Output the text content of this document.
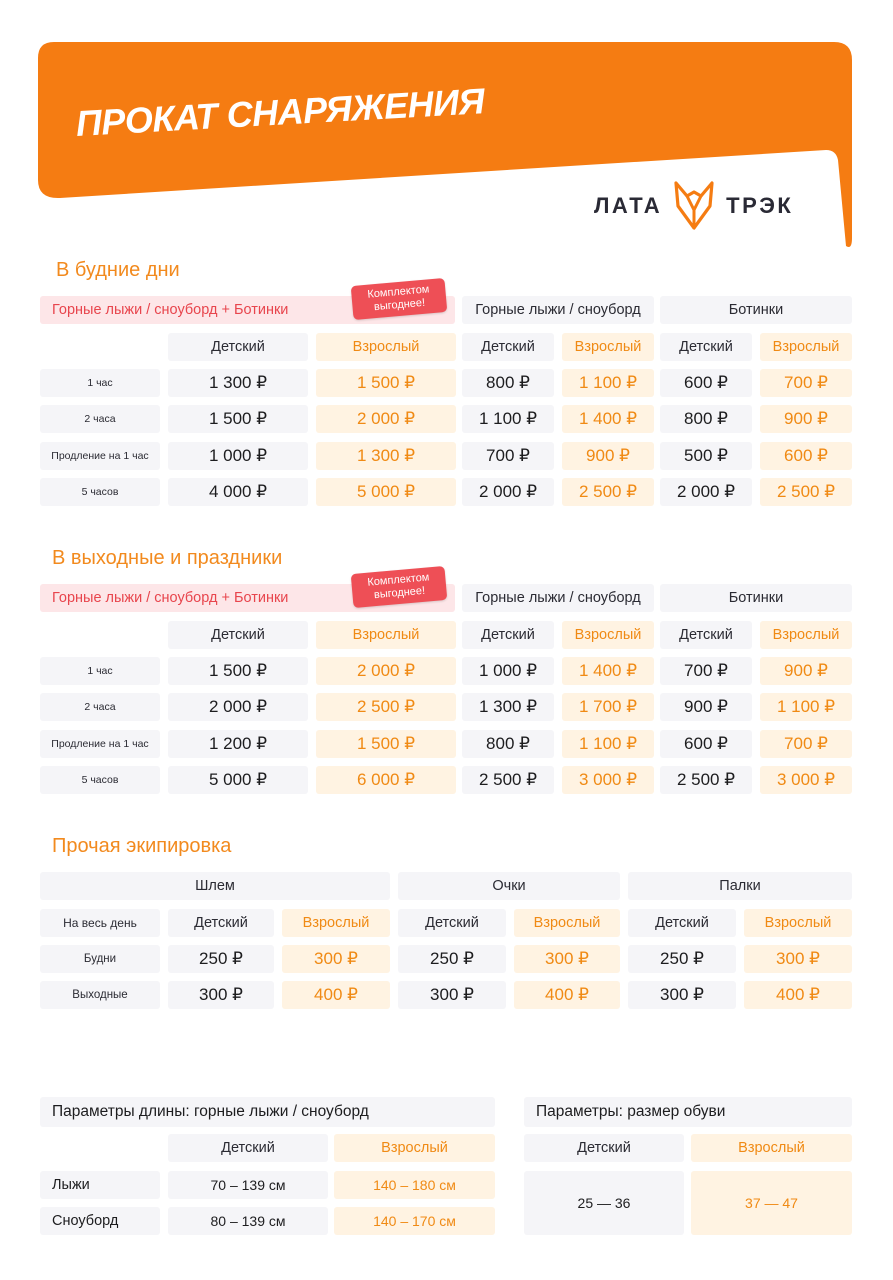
ПРОКАТ СНАРЯЖЕНИЯ
ЛАТА	ТРЭК
В будние дни
Горные лыжи / сноуборд + Ботинки	Горные лыжи / сноуборд	Ботинки
Комплектом
выгоднее!
Детский	Взрослый	Детский	Взрослый	Детский	Взрослый
1 час	1 300 ₽	1 500 ₽	800 ₽	1 100 ₽	600 ₽	700 ₽
2 часа	1 500 ₽	2 000 ₽	1 100 ₽	1 400 ₽	800 ₽	900 ₽
Продление на 1 час	1 000 ₽	1 300 ₽	700 ₽	900 ₽	500 ₽	600 ₽
5 часов	4 000 ₽	5 000 ₽	2 000 ₽	2 500 ₽	2 000 ₽	2 500 ₽
В выходные и праздники
Горные лыжи / сноуборд + Ботинки	Горные лыжи / сноуборд	Ботинки
Комплектом
выгоднее!
Детский	Взрослый	Детский	Взрослый	Детский	Взрослый
1 час	1 500 ₽	2 000 ₽	1 000 ₽	1 400 ₽	700 ₽	900 ₽
2 часа	2 000 ₽	2 500 ₽	1 300 ₽	1 700 ₽	900 ₽	1 100 ₽
Продление на 1 час	1 200 ₽	1 500 ₽	800 ₽	1 100 ₽	600 ₽	700 ₽
5 часов	5 000 ₽	6 000 ₽	2 500 ₽	3 000 ₽	2 500 ₽	3 000 ₽
Прочая экипировка
Шлем	Очки	Палки
На весь день	Детский	Взрослый	Детский	Взрослый	Детский	Взрослый
Будни	250 ₽	300 ₽	250 ₽	300 ₽	250 ₽	300 ₽
Выходные	300 ₽	400 ₽	300 ₽	400 ₽	300 ₽	400 ₽
Параметры длины: горные лыжи / сноуборд
Детский	Взрослый
Лыжи	70 – 139 см	140 – 180 см
Сноуборд	80 – 139 см	140 – 170 см
Параметры: размер обуви
Детский	Взрослый
25 — 36	37 — 47
